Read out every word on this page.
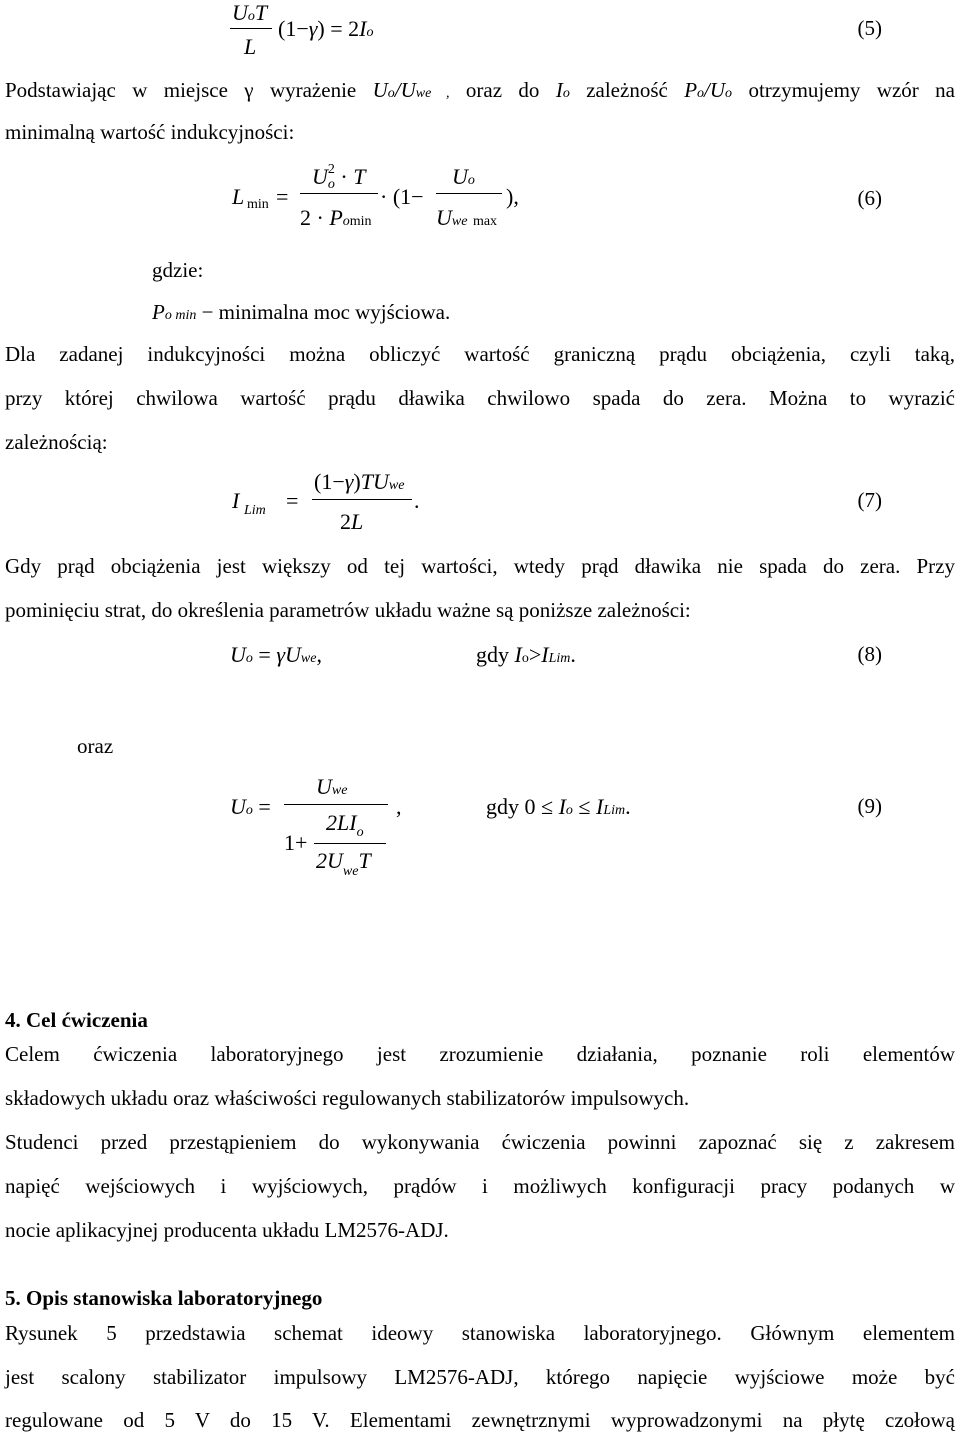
UoT
L
(1−γ) = 2Io	(5)
Podstawiając w miejsce γ wyrażenie Uo/Uwe , oraz do Io zależność Po/Uo otrzymujemy wzór na
minimalną wartość indukcyjności:
L min =
$U^2o \cdot T$
2 · Pomin
· (1−
Uo
Uwe max
),	(6)
gdzie:
Po min − minimalna moc wyjściowa.
Dla zadanej indukcyjności można obliczyć wartość graniczną prądu obciążenia, czyli taką,
przy której chwilowa wartość prądu dławika chwilowo spada do zera. Można to wyrazić
zależnością:
I Lim =
(1−γ)TUwe
2L
.	(7)
Gdy prąd obciążenia jest większy od tej wartości, wtedy prąd dławika nie spada do zera. Przy
pominięciu strat, do określenia parametrów układu ważne są poniższe zależności:
Uo = γUwe,	gdy Io>ILim.	(8)
oraz
Uo =
Uwe
1+
$2LI_o$
$2U_{we}T$
,	gdy 0 ≤ Io ≤ ILim.	(9)
4. Cel ćwiczenia
Celem ćwiczenia laboratoryjnego jest zrozumienie działania, poznanie roli elementów
składowych układu oraz właściwości regulowanych stabilizatorów impulsowych.
Studenci przed przestąpieniem do wykonywania ćwiczenia powinni zapoznać się z zakresem
napięć wejściowych i wyjściowych, prądów i możliwych konfiguracji pracy podanych w
nocie aplikacyjnej producenta układu LM2576-ADJ.
5. Opis stanowiska laboratoryjnego
Rysunek 5 przedstawia schemat ideowy stanowiska laboratoryjnego. Głównym elementem
jest scalony stabilizator impulsowy LM2576-ADJ, którego napięcie wyjściowe może być
regulowane od 5 V do 15 V. Elementami zewnętrznymi wyprowadzonymi na płytę czołową
